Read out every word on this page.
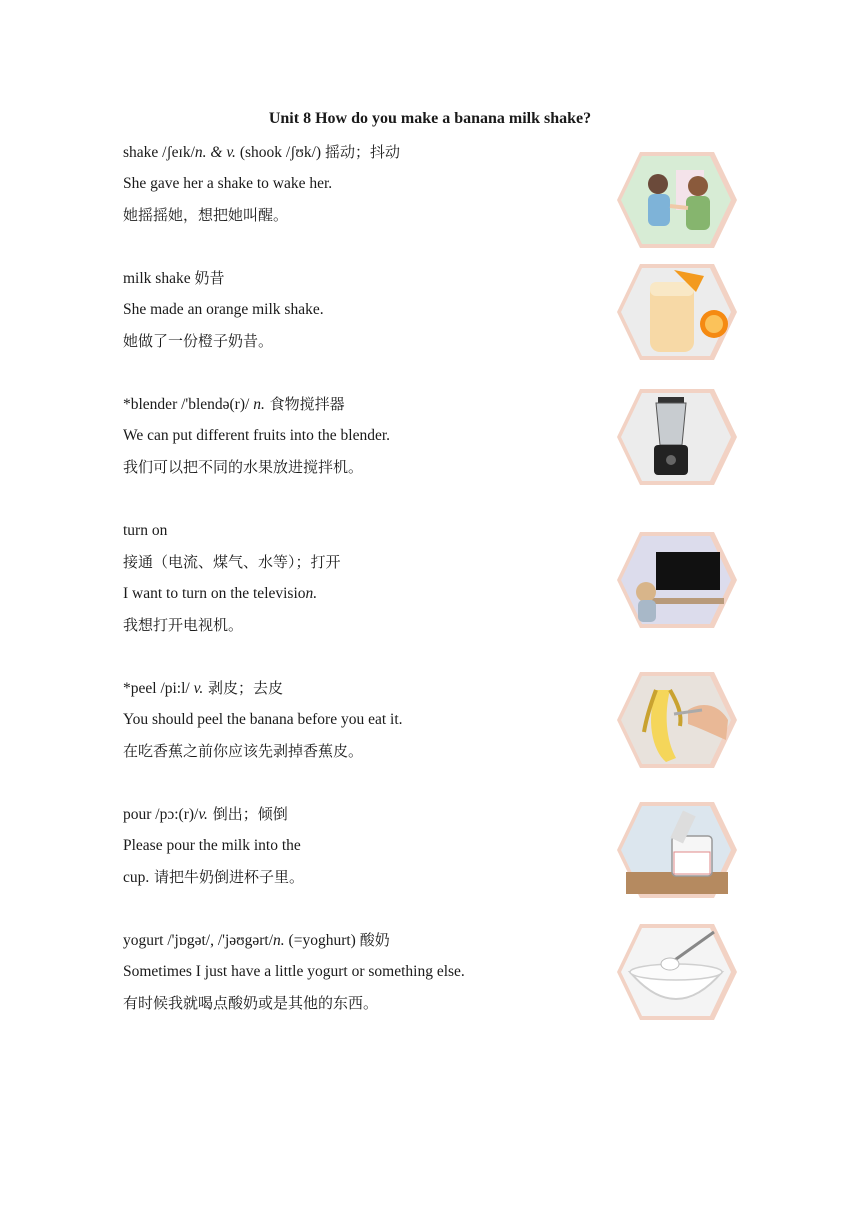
Unit 8 How do you make a banana milk shake?
shake /ʃeɪk/n. & v. (shook /ʃʊk/) 摇动；抖动
She gave her a shake to wake her.
她摇摇她，想把她叫醒。
milk shake 奶昔
She made an orange milk shake.
她做了一份橙子奶昔。
*blender /'blendə(r)/ n. 食物搅拌器
We can put different fruits into the blender.
我们可以把不同的水果放进搅拌机。
turn on
接通（电流、煤气、水等）；打开
I want to turn on the television.
我想打开电视机。
*peel /pi:l/ v. 剥皮；去皮
You should peel the banana before you eat it.
在吃香蕉之前你应该先剥掉香蕉皮。
pour /pɔ:(r)/v. 倒出；倾倒
Please pour the milk into the
cup. 请把牛奶倒进杯子里。
yogurt /'jɒgət/, /'jəʊgərt/n. (=yoghurt) 酸奶
Sometimes I just have a little yogurt or something else.
有时候我就喝点酸奶或是其他的东西。
